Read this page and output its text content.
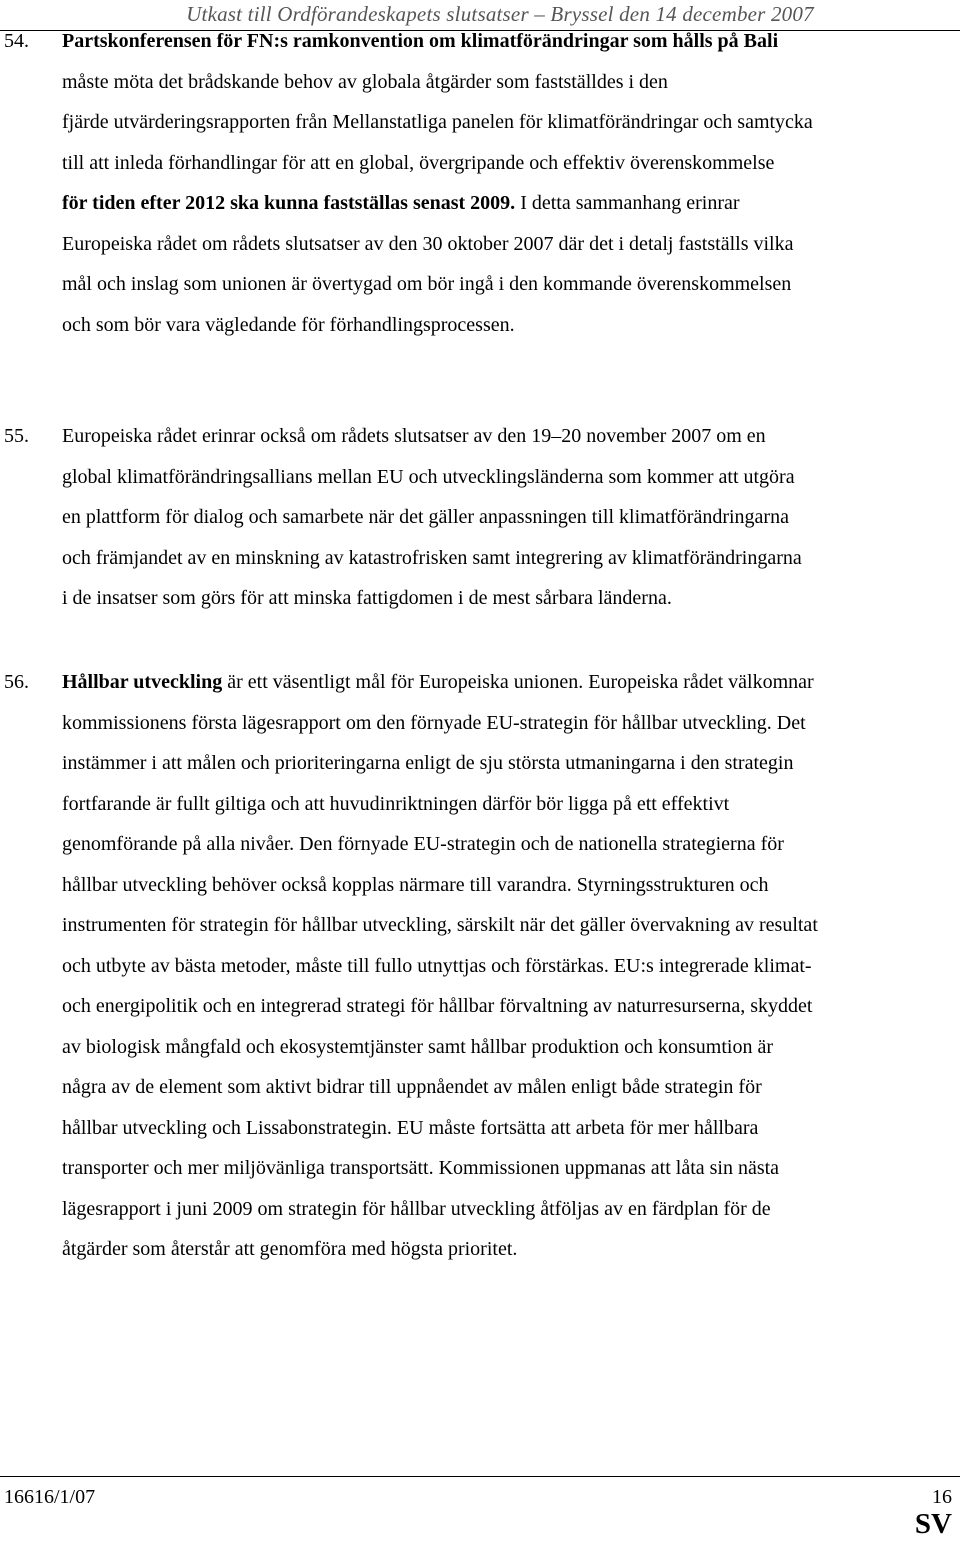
Utkast till Ordförandeskapets slutsatser – Bryssel den 14 december 2007
54. Partskonferensen för FN:s ramkonvention om klimatförändringar som hålls på Bali
måste möta det brådskande behov av globala åtgärder som fastställdes i den
fjärde utvärderingsrapporten från Mellanstatliga panelen för klimatförändringar och samtycka
till att inleda förhandlingar för att en global, övergripande och effektiv överenskommelse
för tiden efter 2012 ska kunna fastställas senast 2009. I detta sammanhang erinrar
Europeiska rådet om rådets slutsatser av den 30 oktober 2007 där det i detalj fastställs vilka
mål och inslag som unionen är övertygad om bör ingå i den kommande överenskommelsen
och som bör vara vägledande för förhandlingsprocessen.
55. Europeiska rådet erinrar också om rådets slutsatser av den 19–20 november 2007 om en
global klimatförändringsallians mellan EU och utvecklingsländerna som kommer att utgöra
en plattform för dialog och samarbete när det gäller anpassningen till klimatförändringarna
och främjandet av en minskning av katastrofrisken samt integrering av klimatförändringarna
i de insatser som görs för att minska fattigdomen i de mest sårbara länderna.
56. Hållbar utveckling är ett väsentligt mål för Europeiska unionen. Europeiska rådet välkomnar
kommissionens första lägesrapport om den förnyade EU-strategin för hållbar utveckling. Det
instämmer i att målen och prioriteringarna enligt de sju största utmaningarna i den strategin
fortfarande är fullt giltiga och att huvudinriktningen därför bör ligga på ett effektivt
genomförande på alla nivåer. Den förnyade EU-strategin och de nationella strategierna för
hållbar utveckling behöver också kopplas närmare till varandra. Styrningsstrukturen och
instrumenten för strategin för hållbar utveckling, särskilt när det gäller övervakning av resultat
och utbyte av bästa metoder, måste till fullo utnyttjas och förstärkas. EU:s integrerade klimat-
och energipolitik och en integrerad strategi för hållbar förvaltning av naturresurserna, skyddet
av biologisk mångfald och ekosystemtjänster samt hållbar produktion och konsumtion är
några av de element som aktivt bidrar till uppnåendet av målen enligt både strategin för
hållbar utveckling och Lissabonstrategin. EU måste fortsätta att arbeta för mer hållbara
transporter och mer miljövänliga transportsätt. Kommissionen uppmanas att låta sin nästa
lägesrapport i juni 2009 om strategin för hållbar utveckling åtföljas av en färdplan för de
åtgärder som återstår att genomföra med högsta prioritet.
16616/1/07	16
SV
